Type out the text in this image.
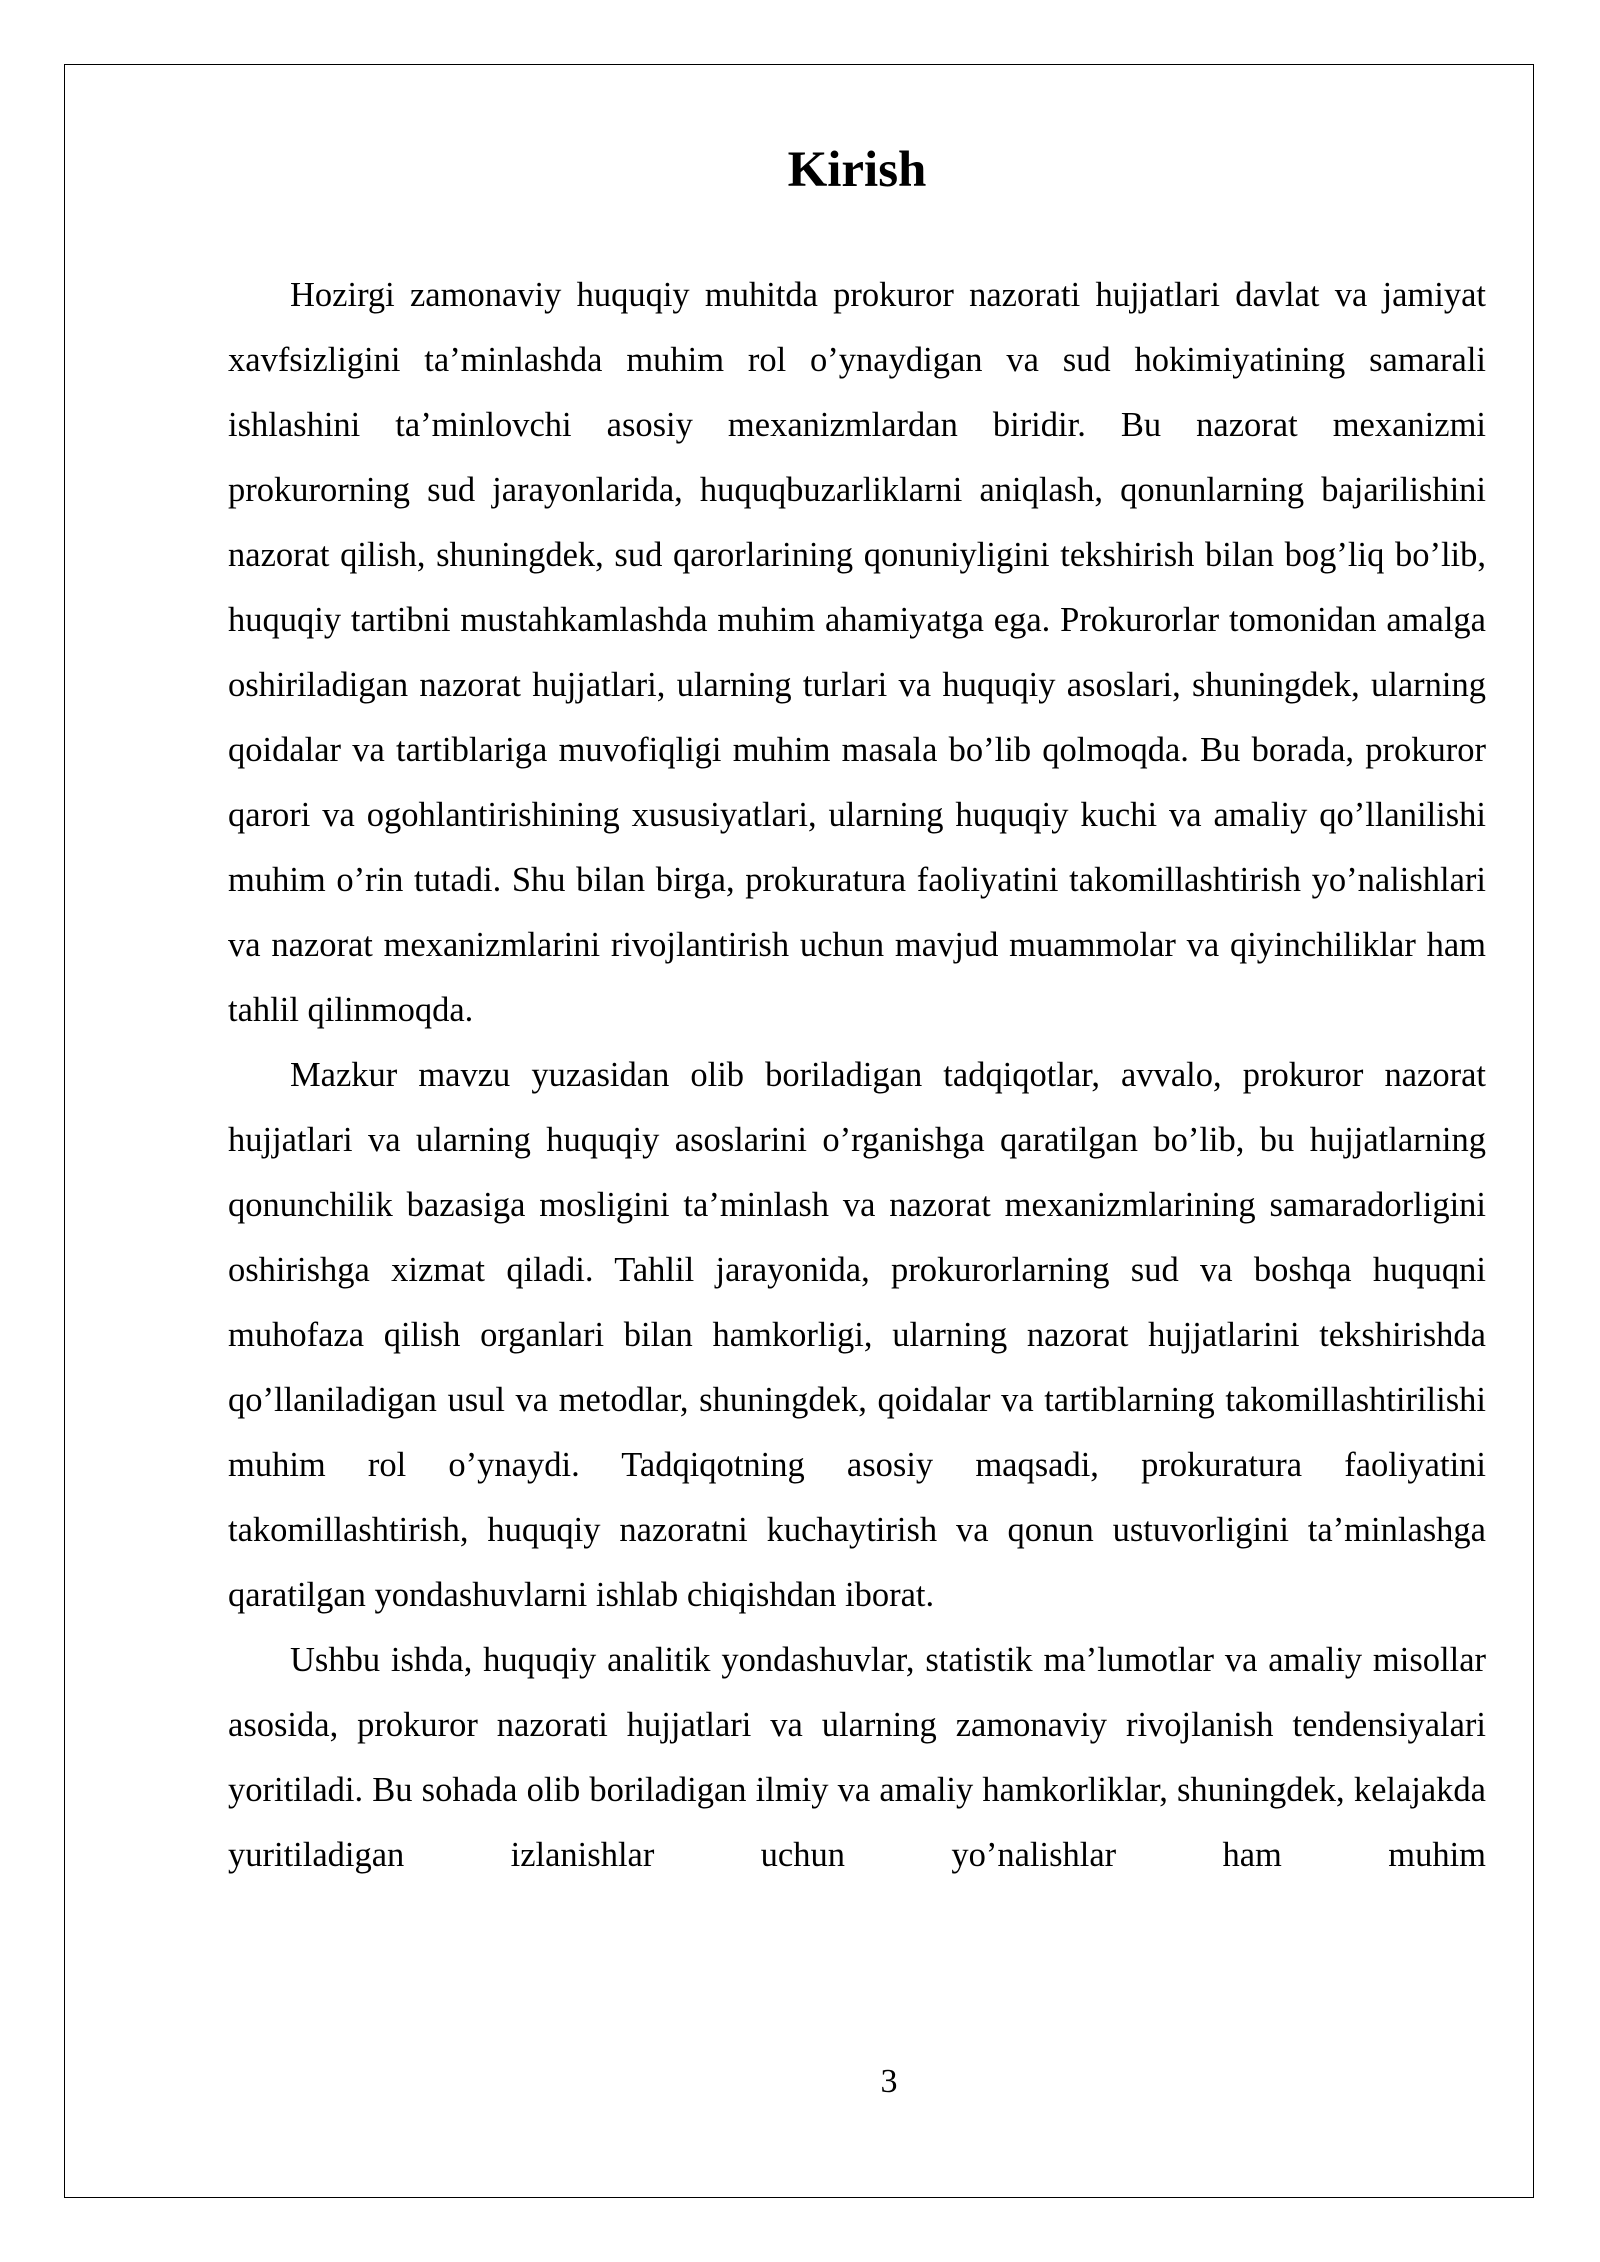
Kirish

Hozirgi zamonaviy huquqiy muhitda prokuror nazorati hujjatlari davlat va jamiyat xavfsizligini ta’minlashda muhim rol o’ynaydigan va sud hokimiyatining samarali ishlashini ta’minlovchi asosiy mexanizmlardan biridir. Bu nazorat mexanizmi prokurorning sud jarayonlarida, huquqbuzarliklarni aniqlash, qonunlarning bajarilishini nazorat qilish, shuningdek, sud qarorlarining qonuniyligini tekshirish bilan bog’liq bo’lib, huquqiy tartibni mustahkamlashda muhim ahamiyatga ega. Prokurorlar tomonidan amalga oshiriladigan nazorat hujjatlari, ularning turlari va huquqiy asoslari, shuningdek, ularning qoidalar va tartiblariga muvofiqligi muhim masala bo’lib qolmoqda. Bu borada, prokuror qarori va ogohlantirishining xususiyatlari, ularning huquqiy kuchi va amaliy qo’llanilishi muhim o’rin tutadi. Shu bilan birga, prokuratura faoliyatini takomillashtirish yo’nalishlari va nazorat mexanizmlarini rivojlantirish uchun mavjud muammolar va qiyinchiliklar ham tahlil qilinmoqda.

Mazkur mavzu yuzasidan olib boriladigan tadqiqotlar, avvalo, prokuror nazorat hujjatlari va ularning huquqiy asoslarini o’rganishga qaratilgan bo’lib, bu hujjatlarning qonunchilik bazasiga mosligini ta’minlash va nazorat mexanizmlarining samaradorligini oshirishga xizmat qiladi. Tahlil jarayonida, prokurorlarning sud va boshqa huquqni muhofaza qilish organlari bilan hamkorligi, ularning nazorat hujjatlarini tekshirishda qo’llaniladigan usul va metodlar, shuningdek, qoidalar va tartiblarning takomillashtirilishi muhim rol o’ynaydi. Tadqiqotning asosiy maqsadi, prokuratura faoliyatini takomillashtirish, huquqiy nazoratni kuchaytirish va qonun ustuvorligini ta’minlashga qaratilgan yondashuvlarni ishlab chiqishdan iborat.

Ushbu ishda, huquqiy analitik yondashuvlar, statistik ma’lumotlar va amaliy misollar asosida, prokuror nazorati hujjatlari va ularning zamonaviy rivojlanish tendensiyalari yoritiladi. Bu sohada olib boriladigan ilmiy va amaliy hamkorliklar, shuningdek, kelajakda yuritiladigan izlanishlar uchun yo’nalishlar ham muhim

3
